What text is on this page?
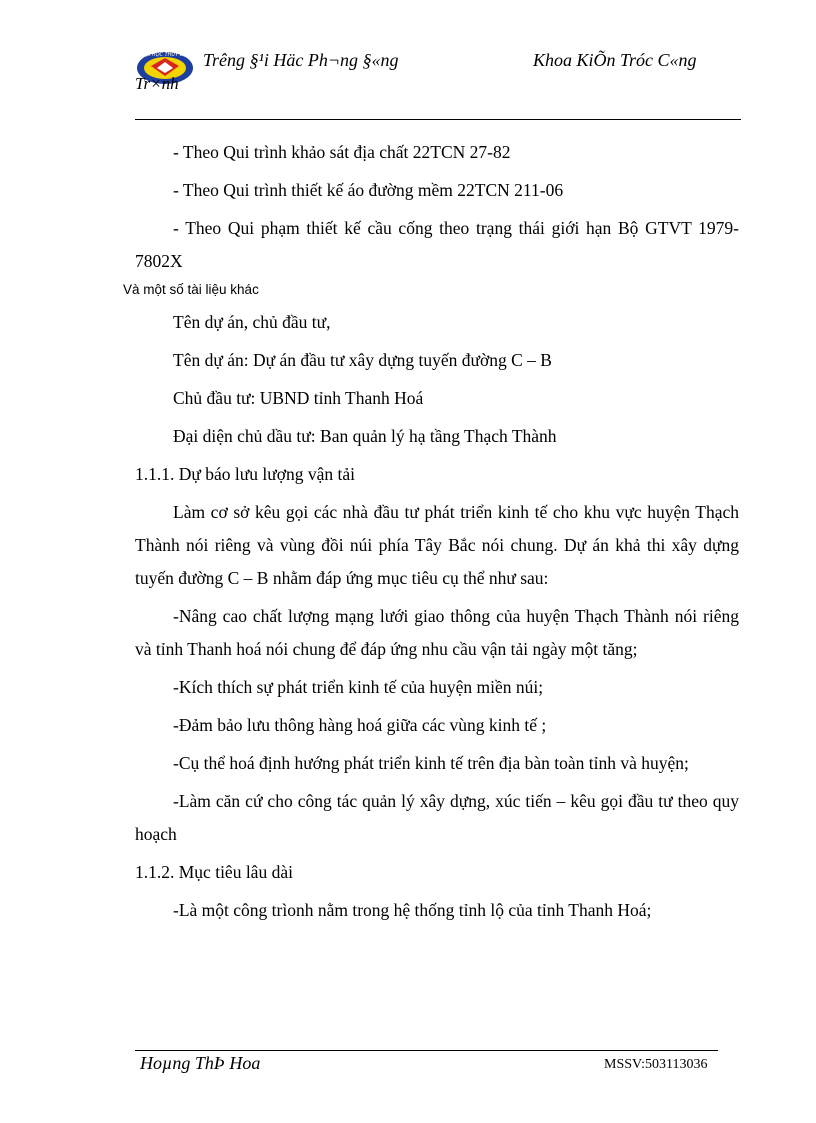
ĐẠI HỌC THỦY LỢI Trêng §¹i Häc Ph¬ng §«ng	Khoa KiÕn Tróc C«ng
Tr×nh

- Theo Qui trình khảo sát địa chất 22TCN 27-82

- Theo Qui trình thiết kế áo đường mềm 22TCN 211-06

- Theo Qui phạm thiết kế cầu cống theo trạng thái giới hạn Bộ GTVT 1979-7802X

Và một số tài liệu khác

Tên dự án, chủ đầu tư,

Tên dự án: Dự án đầu tư xây dựng tuyến đường C – B

Chủ đầu tư: UBND tỉnh Thanh Hoá

Đại diện chủ dầu tư: Ban quản lý hạ tầng Thạch Thành

1.1.1. Dự báo lưu lượng vận tải

Làm cơ sở kêu gọi các nhà đầu tư phát triển kinh tế cho khu vực huyện Thạch Thành nói riêng và vùng đồi núi phía Tây Bắc nói chung. Dự án khả thi xây dựng tuyến đường C – B nhằm đáp ứng mục tiêu cụ thể như sau:

-Nâng cao chất lượng mạng lưới giao thông của huyện Thạch Thành nói riêng và tỉnh Thanh hoá nói chung để đáp ứng nhu cầu vận tải ngày một tăng;

-Kích thích sự phát triển kinh tế của huyện miền núi;

-Đảm bảo lưu thông hàng hoá giữa các vùng kinh tế ;

-Cụ thể hoá định hướng phát triển kinh tế trên địa bàn toàn tỉnh và huyện;

-Làm căn cứ cho công tác quản lý xây dựng, xúc tiến – kêu gọi đầu tư theo quy hoạch

1.1.2. Mục tiêu lâu dài

-Là một công trìonh nằm trong hệ thống tỉnh lộ của tỉnh Thanh Hoá;

Hoµng ThÞ Hoa	MSSV:503113036
